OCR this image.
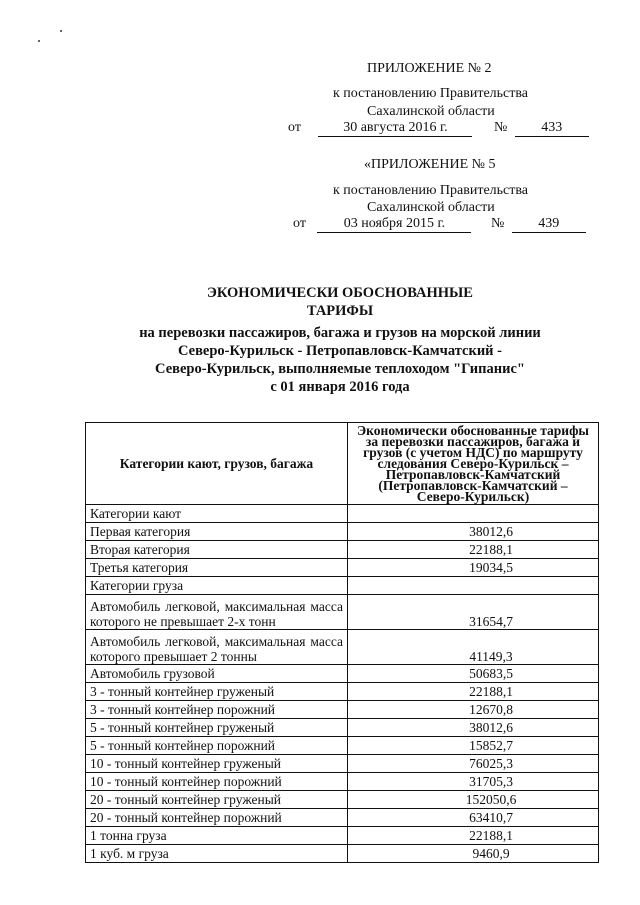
ПРИЛОЖЕНИЕ № 2
к постановлению Правительства
Сахалинской области
от	30 августа 2016 г.	№ 433
«ПРИЛОЖЕНИЕ № 5
к постановлению Правительства
Сахалинской области
от	03 ноября 2015 г.	№ 439
ЭКОНОМИЧЕСКИ ОБОСНОВАННЫЕ
ТАРИФЫ
на перевозки пассажиров, багажа и грузов на морской линии
Северо-Курильск - Петропавловск-Камчатский -
Северо-Курильск, выполняемые теплоходом "Гипанис"
с 01 января 2016 года
Категории кают, грузов, багажа	Экономически обоснованные тарифы за перевозки пассажиров, багажа и грузов (с учетом НДС) по маршруту следования Северо-Курильск – Петропавловск-Камчатский (Петропавловск-Камчатский – Северо-Курильск)
Категории кают	
Первая категория	38012,6
Вторая категория	22188,1
Третья категория	19034,5
Категории груза	
Автомобиль легковой, максимальная масса которого не превышает 2-х тонн	31654,7
Автомобиль легковой, максимальная масса которого превышает 2 тонны	41149,3
Автомобиль грузовой	50683,5
3 - тонный контейнер груженый	22188,1
3 - тонный контейнер порожний	12670,8
5 - тонный контейнер груженый	38012,6
5 - тонный контейнер порожний	15852,7
10 - тонный контейнер груженый	76025,3
10 - тонный контейнер порожний	31705,3
20 - тонный контейнер груженый	152050,6
20 - тонный контейнер порожний	63410,7
1 тонна груза	22188,1
1 куб. м груза	9460,9
